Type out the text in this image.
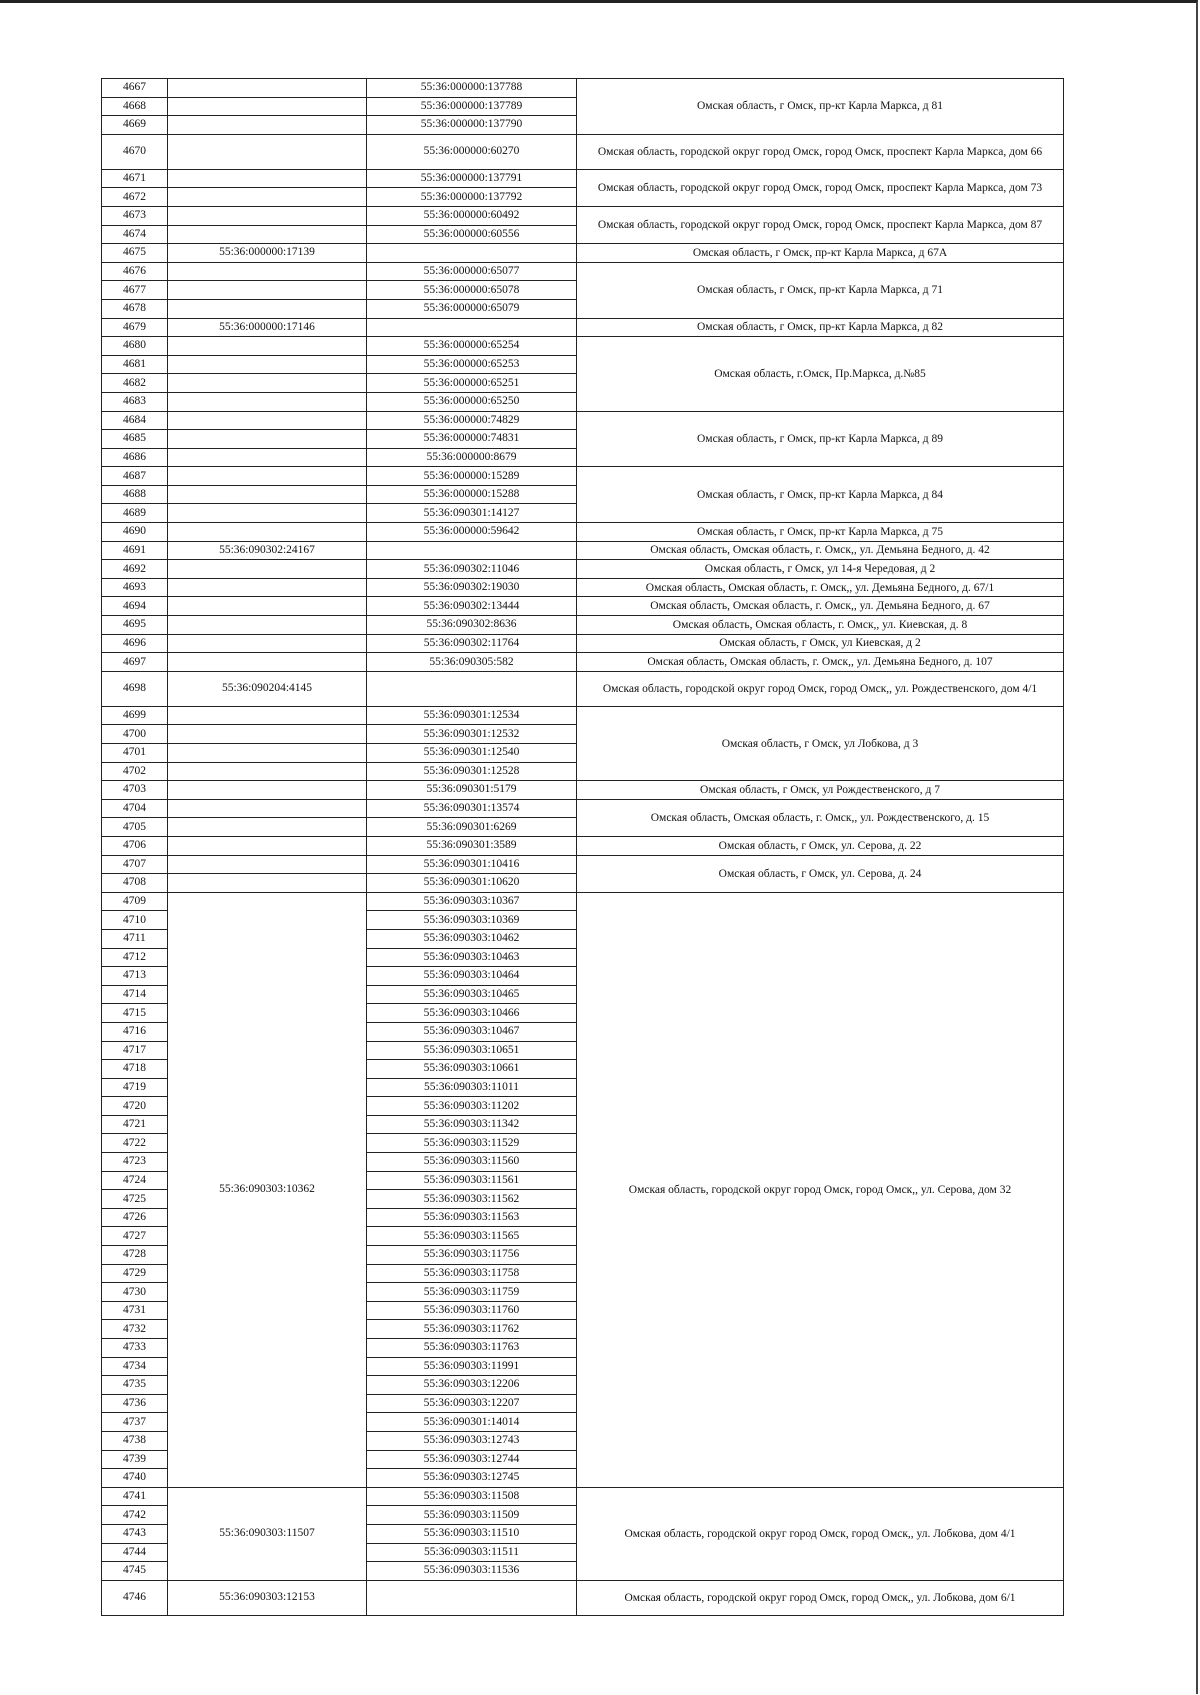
4667		55:36:000000:137788	Омская область, г Омск, пр-кт Карла Маркса, д 81
4668		55:36:000000:137789	
4669		55:36:000000:137790	
4670		55:36:000000:60270	Омская область, городской округ город Омск, город Омск, проспект Карла Маркса, дом 66
4671		55:36:000000:137791	Омская область, городской округ город Омск, город Омск, проспект Карла Маркса, дом 73
4672		55:36:000000:137792	
4673		55:36:000000:60492	Омская область, городской округ город Омск, город Омск, проспект Карла Маркса, дом 87
4674		55:36:000000:60556	
4675	55:36:000000:17139		Омская область, г Омск, пр-кт Карла Маркса, д 67А
4676		55:36:000000:65077	Омская область, г Омск, пр-кт Карла Маркса, д 71
4677		55:36:000000:65078	
4678		55:36:000000:65079	
4679	55:36:000000:17146		Омская область, г Омск, пр-кт Карла Маркса, д 82
4680		55:36:000000:65254	Омская область, г.Омск, Пр.Маркса, д.№85
4681		55:36:000000:65253	
4682		55:36:000000:65251	
4683		55:36:000000:65250	
4684		55:36:000000:74829	Омская область, г Омск, пр-кт Карла Маркса, д 89
4685		55:36:000000:74831	
4686		55:36:000000:8679	
4687		55:36:000000:15289	Омская область, г Омск, пр-кт Карла Маркса, д 84
4688		55:36:000000:15288	
4689		55:36:090301:14127	
4690		55:36:000000:59642	Омская область, г Омск, пр-кт Карла Маркса, д 75
4691	55:36:090302:24167		Омская область, Омская область, г. Омск,, ул. Демьяна Бедного, д. 42
4692		55:36:090302:11046	Омская область, г Омск, ул 14-я Чередовая, д 2
4693		55:36:090302:19030	Омская область, Омская область, г. Омск,, ул. Демьяна Бедного, д. 67/1
4694		55:36:090302:13444	Омская область, Омская область, г. Омск,, ул. Демьяна Бедного, д. 67
4695		55:36:090302:8636	Омская область, Омская область, г. Омск,, ул. Киевская, д. 8
4696		55:36:090302:11764	Омская область, г Омск, ул Киевская, д 2
4697		55:36:090305:582	Омская область, Омская область, г. Омск,, ул. Демьяна Бедного, д. 107
4698	55:36:090204:4145		Омская область, городской округ город Омск, город Омск,, ул. Рождественского, дом 4/1
4699		55:36:090301:12534	Омская область, г Омск, ул Лобкова, д 3
4700		55:36:090301:12532	
4701		55:36:090301:12540	
4702		55:36:090301:12528	
4703		55:36:090301:5179	Омская область, г Омск, ул Рождественского, д 7
4704		55:36:090301:13574	Омская область, Омская область, г. Омск,, ул. Рождественского, д. 15
4705		55:36:090301:6269	
4706		55:36:090301:3589	Омская область, г Омск, ул. Серова, д. 22
4707		55:36:090301:10416	Омская область, г Омск, ул. Серова, д. 24
4708		55:36:090301:10620	
4709	55:36:090303:10362	55:36:090303:10367	Омская область, городской округ город Омск, город Омск,, ул. Серова, дом 32
4710		55:36:090303:10369	
4711		55:36:090303:10462	
4712		55:36:090303:10463	
4713		55:36:090303:10464	
4714		55:36:090303:10465	
4715		55:36:090303:10466	
4716		55:36:090303:10467	
4717		55:36:090303:10651	
4718		55:36:090303:10661	
4719		55:36:090303:11011	
4720		55:36:090303:11202	
4721		55:36:090303:11342	
4722		55:36:090303:11529	
4723		55:36:090303:11560	
4724		55:36:090303:11561	
4725		55:36:090303:11562	
4726		55:36:090303:11563	
4727		55:36:090303:11565	
4728		55:36:090303:11756	
4729		55:36:090303:11758	
4730		55:36:090303:11759	
4731		55:36:090303:11760	
4732		55:36:090303:11762	
4733		55:36:090303:11763	
4734		55:36:090303:11991	
4735		55:36:090303:12206	
4736		55:36:090303:12207	
4737		55:36:090301:14014	
4738		55:36:090303:12743	
4739		55:36:090303:12744	
4740		55:36:090303:12745	
4741	55:36:090303:11507	55:36:090303:11508	Омская область, городской округ город Омск, город Омск,, ул. Лобкова, дом 4/1
4742		55:36:090303:11509	
4743		55:36:090303:11510	
4744		55:36:090303:11511	
4745		55:36:090303:11536	
4746	55:36:090303:12153		Омская область, городской округ город Омск, город Омск,, ул. Лобкова, дом 6/1
